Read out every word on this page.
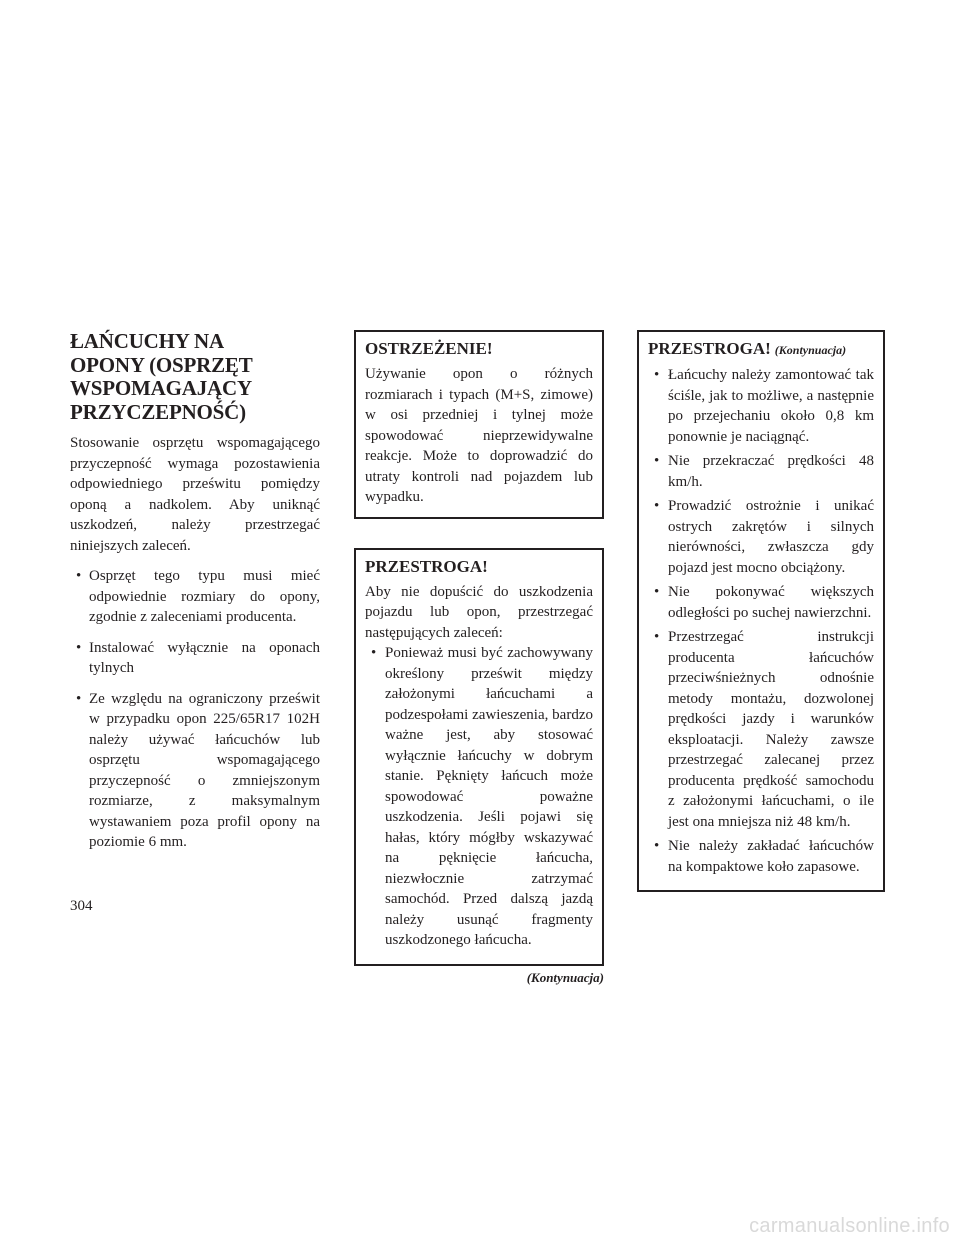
ŁAŃCUCHY NA
OPONY (OSPRZĘT
WSPOMAGAJĄCY
PRZYCZEPNOŚĆ)

Stosowanie osprzętu wspomagającego przyczepność wymaga pozostawienia odpowiedniego prześwitu pomiędzy oponą a nadkolem. Aby uniknąć uszkodzeń, należy przestrzegać niniejszych zaleceń.

• Osprzęt tego typu musi mieć odpowiednie rozmiary do opony, zgodnie z zaleceniami producenta.
• Instalować wyłącznie na oponach tylnych
• Ze względu na ograniczony prześwit w przypadku opon 225/65R17 102H należy używać łańcuchów lub osprzętu wspomagającego przyczepność o zmniejszonym rozmiarze, z maksymalnym wystawaniem poza profil opony na poziomie 6 mm.
OSTRZEŻENIE!

Używanie opon o różnych rozmiarach i typach (M+S, zimowe) w osi przedniej i tylnej może spowodować nieprzewidywalne reakcje. Może to doprowadzić do utraty kontroli nad pojazdem lub wypadku.

PRZESTROGA!

Aby nie dopuścić do uszkodzenia pojazdu lub opon, przestrzegać następujących zaleceń:

• Ponieważ musi być zachowywany określony prześwit między założonymi łańcuchami a podzespołami zawieszenia, bardzo ważne jest, aby stosować wyłącznie łańcuchy w dobrym stanie. Pęknięty łańcuch może spowodować poważne uszkodzenia. Jeśli pojawi się hałas, który mógłby wskazywać na pęknięcie łańcucha, niezwłocznie zatrzymać samochód. Przed dalszą jazdą należy usunąć fragmenty uszkodzonego łańcucha.
(Kontynuacja)
PRZESTROGA! (Kontynuacja)
• Łańcuchy należy zamontować tak ściśle, jak to możliwe, a następnie po przejechaniu około 0,8 km ponownie je naciągnąć.
• Nie przekraczać prędkości 48 km/h.
• Prowadzić ostrożnie i unikać ostrych zakrętów i silnych nierówności, zwłaszcza gdy pojazd jest mocno obciążony.
• Nie pokonywać większych odległości po suchej nawierzchni.
• Przestrzegać instrukcji producenta łańcuchów przeciwśnieżnych odnośnie metody montażu, dozwolonej prędkości jazdy i warunków eksploatacji. Należy zawsze przestrzegać zalecanej przez producenta prędkość samochodu z założonymi łańcuchami, o ile jest ona mniejsza niż 48 km/h.
• Nie należy zakładać łańcuchów na kompaktowe koło zapasowe.
304
carmanualsonline.info
